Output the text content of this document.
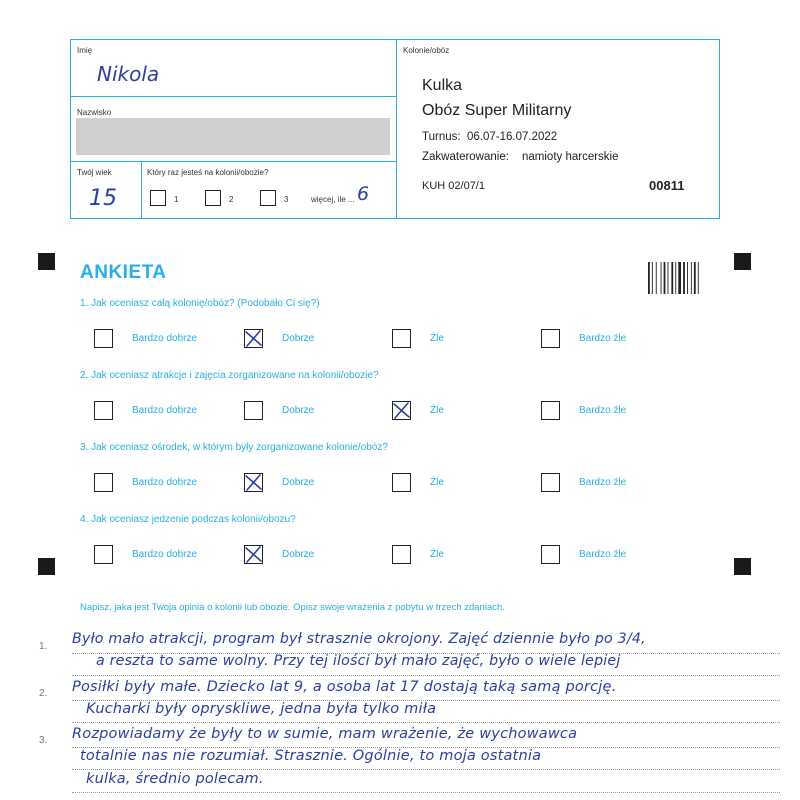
Imię
Nikola
Nazwisko
Twój wiek
15
Który raz jesteś na kolonii/obozie?
1	2	3	więcej, ile ... 6
Kolonie/obóz
Kulka
Obóz Super Militarny
Turnus: 06.07-16.07.2022
Zakwaterowanie: namioty harcerskie
KUH 02/07/1	00811
ANKIETA
1. Jak oceniasz całą kolonię/obóz? (Podobało Ci się?)
Bardzo dobrze	Dobrze	Źle	Bardzo źle
2. Jak oceniasz atrakcje i zajęcia zorganizowane na kolonii/obozie?
Bardzo dobrze	Dobrze	Źle	Bardzo źle
3. Jak oceniasz ośrodek, w którym były zorganizowane kolonie/obóz?
Bardzo dobrze	Dobrze	Źle	Bardzo źle
4. Jak oceniasz jedzenie podczas kolonii/obozu?
Bardzo dobrze	Dobrze	Źle	Bardzo źle
Napisz, jaka jest Twoja opinia o kolonii lub obozie. Opisz swoje wrażenia z pobytu w trzech zdaniach.
1.
2.
3.
Było mało atrakcji, program był strasznie okrojony. Zajęć dziennie było po 3/4,
a reszta to same wolny. Przy tej ilości był mało zajęć, było o wiele lepiej
Posiłki były małe. Dziecko lat 9, a osoba lat 17 dostają taką samą porcję.
Kucharki były opryskliwe, jedna była tylko miła
Rozpowiadamy że były to w sumie, mam wrażenie, że wychowawca
totalnie nas nie rozumiał. Strasznie. Ogólnie, to moja ostatnia
kulka, średnio polecam.
